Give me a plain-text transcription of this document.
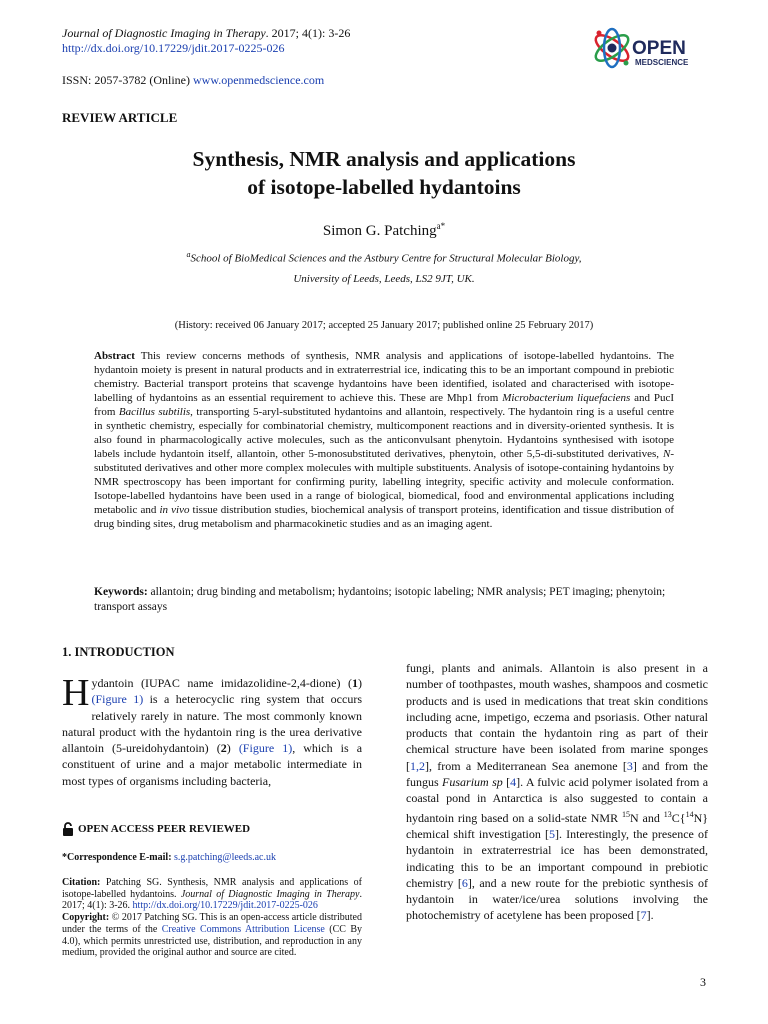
Journal of Diagnostic Imaging in Therapy. 2017; 4(1): 3-26
http://dx.doi.org/10.17229/jdit.2017-0225-026
ISSN: 2057-3782 (Online) www.openmedscience.com
OPEN
MEDSCIENCE
REVIEW ARTICLE
Synthesis, NMR analysis and applications
of isotope-labelled hydantoins
Simon G. Patching$^{a*}$
$^a$School of BioMedical Sciences and the Astbury Centre for Structural Molecular Biology,
University of Leeds, Leeds, LS2 9JT, UK.
(History: received 06 January 2017; accepted 25 January 2017; published online 25 February 2017)
Abstract This review concerns methods of synthesis, NMR analysis and applications of isotope-labelled hydantoins. The hydantoin moiety is present in natural products and in extraterrestrial ice, indicating this to be an important compound in prebiotic chemistry. Bacterial transport proteins that scavenge hydantoins have been identified, isolated and characterised with isotope-labelling of hydantoins as an essential requirement to achieve this. These are Mhp1 from Microbacterium liquefaciens and PucI from Bacillus subtilis, transporting 5-aryl-substituted hydantoins and allantoin, respectively. The hydantoin ring is a useful centre in synthetic chemistry, especially for combinatorial chemistry, multicomponent reactions and in diversity-oriented synthesis. It is also found in pharmacologically active molecules, such as the anticonvulsant phenytoin. Hydantoins synthesised with isotope labels include hydantoin itself, allantoin, other 5-monosubstituted derivatives, phenytoin, other 5,5-di-substituted derivatives, N-substituted derivatives and other more complex molecules with multiple substituents. Analysis of isotope-containing hydantoins by NMR spectroscopy has been important for confirming purity, labelling integrity, specific activity and molecule conformation. Isotope-labelled hydantoins have been used in a range of biological, biomedical, food and environmental applications including metabolic and in vivo tissue distribution studies, biochemical analysis of transport proteins, identification and tissue distribution of drug binding sites, drug metabolism and pharmacokinetic studies and as an imaging agent.
Keywords: allantoin; drug binding and metabolism; hydantoins; isotopic labeling; NMR analysis; PET imaging; phenytoin; transport assays
1. INTRODUCTION
Hydantoin (IUPAC name imidazolidine-2,4-dione) (1) (Figure 1) is a heterocyclic ring system that occurs relatively rarely in nature. The most commonly known natural product with the hydantoin ring is the urea derivative allantoin (5-ureidohydantoin) (2) (Figure 1), which is a constituent of urine and a major metabolic intermediate in most types of organisms including bacteria,
fungi, plants and animals. Allantoin is also present in a number of toothpastes, mouth washes, shampoos and cosmetic products and is used in medications that treat skin conditions including acne, impetigo, eczema and psoriasis. Other natural products that contain the hydantoin ring as part of their chemical structure have been isolated from marine sponges [1,2], from a Mediterranean Sea anemone [3] and from the fungus Fusarium sp [4]. A fulvic acid polymer isolated from a coastal pond in Antarctica is also suggested to contain a hydantoin ring based on a solid-state NMR $^{15}$N and $^{13}$C{$^{14}$N} chemical shift investigation [5]. Interestingly, the presence of hydantoin in extraterrestrial ice has been demonstrated, indicating this to be an important compound in prebiotic chemistry [6], and a new route for the prebiotic synthesis of hydantoin in water/ice/urea solutions involving the photochemistry of acetylene has been proposed [7].
OPEN ACCESS PEER REVIEWED
*Correspondence E-mail: s.g.patching@leeds.ac.uk
Citation: Patching SG. Synthesis, NMR analysis and applications of isotope-labelled hydantoins. Journal of Diagnostic Imaging in Therapy. 2017; 4(1): 3-26. http://dx.doi.org/10.17229/jdit.2017-0225-026
Copyright: © 2017 Patching SG. This is an open-access article distributed under the terms of the Creative Commons Attribution License (CC By 4.0), which permits unrestricted use, distribution, and reproduction in any medium, provided the original author and source are cited.
3
